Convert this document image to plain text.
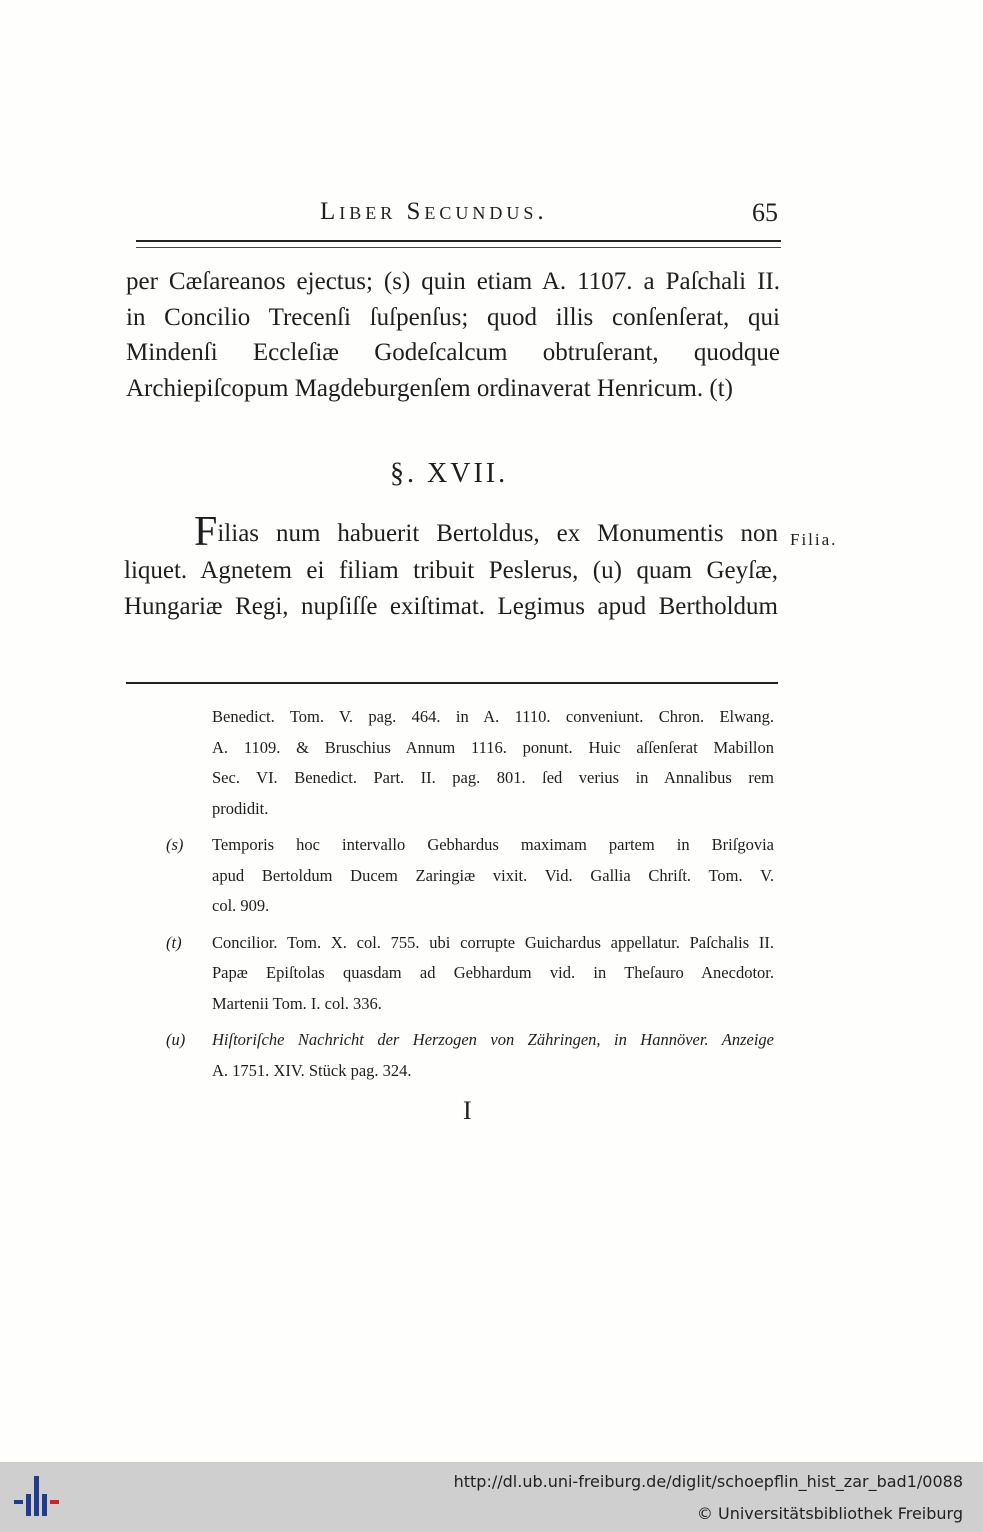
Liber Secundus.	65
per Cæſareanos ejectus; (s) quin etiam A. 1107. a Paſchali II.
in Concilio Trecenſi ſuſpenſus; quod illis conſenſerat, qui
Mindenſi Eccleſiæ Godeſcalcum obtruſerant, quodque
Archiepiſcopum Magdeburgenſem ordinaverat Henricum. (t)
§. XVII.
Filias num habuerit Bertoldus, ex Monumentis non
liquet. Agnetem ei filiam tribuit Peslerus, (u) quam Geyſæ,
Hungariæ Regi, nupſiſſe exiſtimat. Legimus apud Bertholdum
Filia.
Benedict. Tom. V. pag. 464. in A. 1110. conveniunt. Chron. Elwang.
A. 1109. & Bruschius Annum 1116. ponunt. Huic aſſenſerat Mabillon
Sec. VI. Benedict. Part. II. pag. 801. ſed verius in Annalibus rem
prodidit.
(s) Temporis hoc intervallo Gebhardus maximam partem in Briſgovia
apud Bertoldum Ducem Zaringiæ vixit. Vid. Gallia Chriſt. Tom. V.
col. 909.
(t) Concilior. Tom. X. col. 755. ubi corrupte Guichardus appellatur. Paſchalis II.
Papæ Epiſtolas quasdam ad Gebhardum vid. in Theſauro Anecdotor.
Martenii Tom. I. col. 336.
(u) Hiſtoriſche Nachricht der Herzogen von Zähringen, in Hannöver. Anzeige
A. 1751. XIV. Stück pag. 324.
I
http://dl.ub.uni-freiburg.de/diglit/schoepflin_hist_zar_bad1/0088
© Universitätsbibliothek Freiburg
